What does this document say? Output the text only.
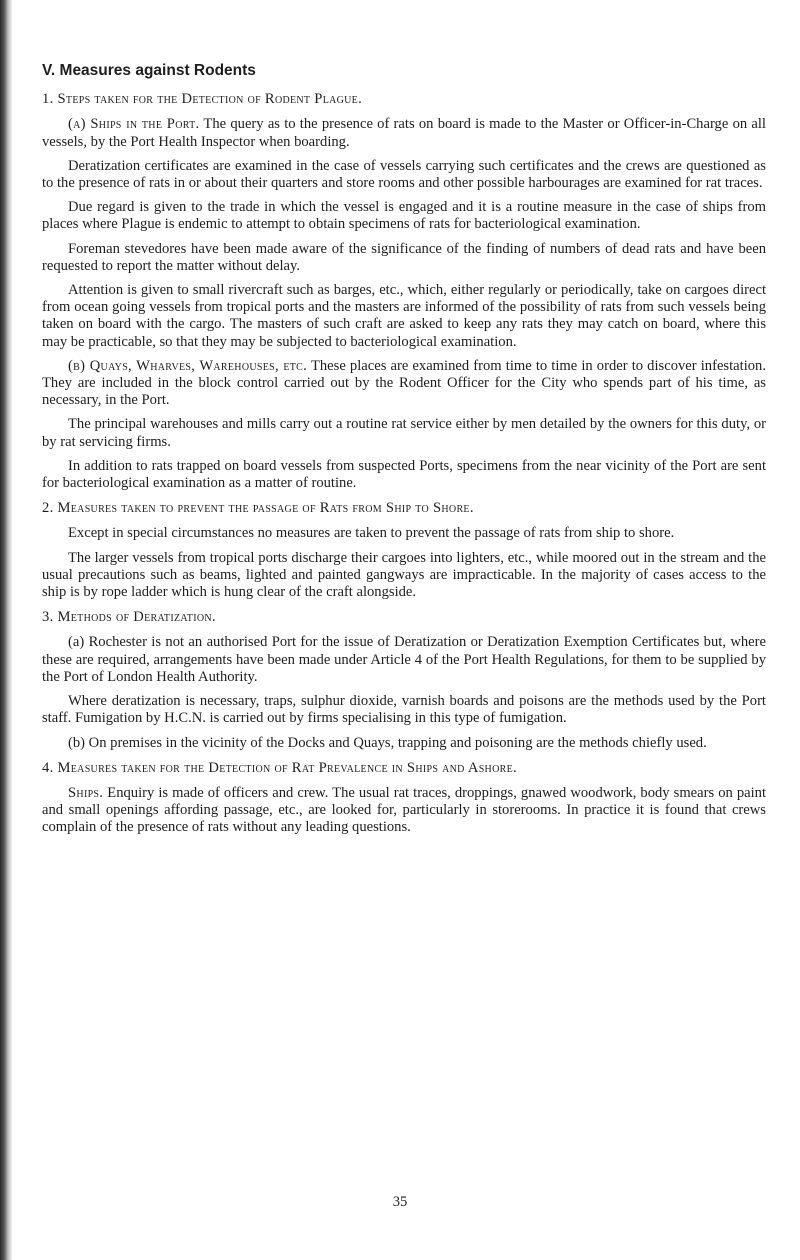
V. Measures against Rodents
1. Steps taken for the Detection of Rodent Plague.

(a) Ships in the Port. The query as to the presence of rats on board is made to the Master or Officer-in-Charge on all vessels, by the Port Health Inspector when boarding.

Deratization certificates are examined in the case of vessels carrying such certificates and the crews are questioned as to the presence of rats in or about their quarters and store rooms and other possible harbourages are examined for rat traces.

Due regard is given to the trade in which the vessel is engaged and it is a routine measure in the case of ships from places where Plague is endemic to attempt to obtain specimens of rats for bacteriological examination.

Foreman stevedores have been made aware of the significance of the finding of numbers of dead rats and have been requested to report the matter without delay.

Attention is given to small rivercraft such as barges, etc., which, either regularly or periodically, take on cargoes direct from ocean going vessels from tropical ports and the masters are informed of the possibility of rats from such vessels being taken on board with the cargo. The masters of such craft are asked to keep any rats they may catch on board, where this may be practicable, so that they may be subjected to bacteriological examination.

(b) Quays, Wharves, Warehouses, etc. These places are examined from time to time in order to discover infestation. They are included in the block control carried out by the Rodent Officer for the City who spends part of his time, as necessary, in the Port.

The principal warehouses and mills carry out a routine rat service either by men detailed by the owners for this duty, or by rat servicing firms.

In addition to rats trapped on board vessels from suspected Ports, specimens from the near vicinity of the Port are sent for bacteriological examination as a matter of routine.

2. Measures taken to prevent the passage of Rats from Ship to Shore.

Except in special circumstances no measures are taken to prevent the passage of rats from ship to shore.

The larger vessels from tropical ports discharge their cargoes into lighters, etc., while moored out in the stream and the usual precautions such as beams, lighted and painted gangways are impracticable. In the majority of cases access to the ship is by rope ladder which is hung clear of the craft alongside.

3. Methods of Deratization.

(a) Rochester is not an authorised Port for the issue of Deratization or Deratization Exemption Certificates but, where these are required, arrangements have been made under Article 4 of the Port Health Regulations, for them to be supplied by the Port of London Health Authority.

Where deratization is necessary, traps, sulphur dioxide, varnish boards and poisons are the methods used by the Port staff. Fumigation by H.C.N. is carried out by firms specialising in this type of fumigation.

(b) On premises in the vicinity of the Docks and Quays, trapping and poisoning are the methods chiefly used.

4. Measures taken for the Detection of Rat Prevalence in Ships and Ashore.

Ships. Enquiry is made of officers and crew. The usual rat traces, droppings, gnawed woodwork, body smears on paint and small openings affording passage, etc., are looked for, particularly in storerooms. In practice it is found that crews complain of the presence of rats without any leading questions.

35
